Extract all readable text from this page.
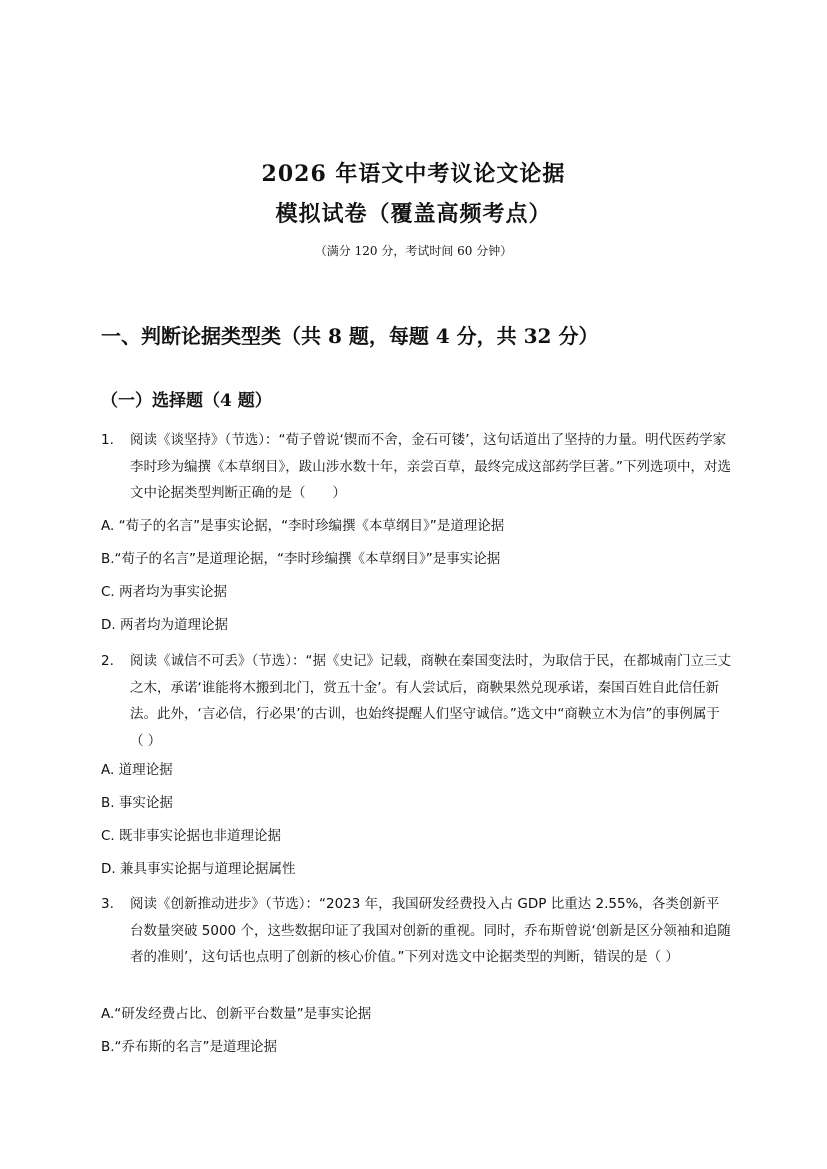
2026 年语文中考议论文论据
模拟试卷（覆盖高频考点）
（满分 120 分，考试时间 60 分钟）
一、判断论据类型类（共 8 题，每题 4 分，共 32 分）
（一）选择题（4 题）
1.	阅读《谈坚持》（节选）：“荀子曾说‘锲而不舍，金石可镂’，这句话道出了坚持的力量。明代医药学家李时珍为编撰《本草纲目》，跋山涉水数十年，亲尝百草，最终完成这部药学巨著。”下列选项中，对选文中论据类型判断正确的是（　　）
A. “荀子的名言”是事实论据，“李时珍编撰《本草纲目》”是道理论据
B.“荀子的名言”是道理论据，“李时珍编撰《本草纲目》”是事实论据
C. 两者均为事实论据
D. 两者均为道理论据
2.	阅读《诚信不可丢》（节选）：“据《史记》记载，商鞅在秦国变法时，为取信于民，在都城南门立三丈之木，承诺‘谁能将木搬到北门，赏五十金’。有人尝试后，商鞅果然兑现承诺，秦国百姓自此信任新法。此外，‘言必信，行必果’的古训，也始终提醒人们坚守诚信。”选文中“商鞅立木为信”的事例属于（ ）
A. 道理论据
B. 事实论据
C. 既非事实论据也非道理论据
D. 兼具事实论据与道理论据属性
3.	阅读《创新推动进步》（节选）：“2023 年，我国研发经费投入占 GDP 比重达 2.55%，各类创新平台数量突破 5000 个，这些数据印证了我国对创新的重视。同时，乔布斯曾说‘创新是区分领袖和追随者的准则’，这句话也点明了创新的核心价值。”下列对选文中论据类型的判断，错误的是（ ）
A.“研发经费占比、创新平台数量”是事实论据
B.“乔布斯的名言”是道理论据
